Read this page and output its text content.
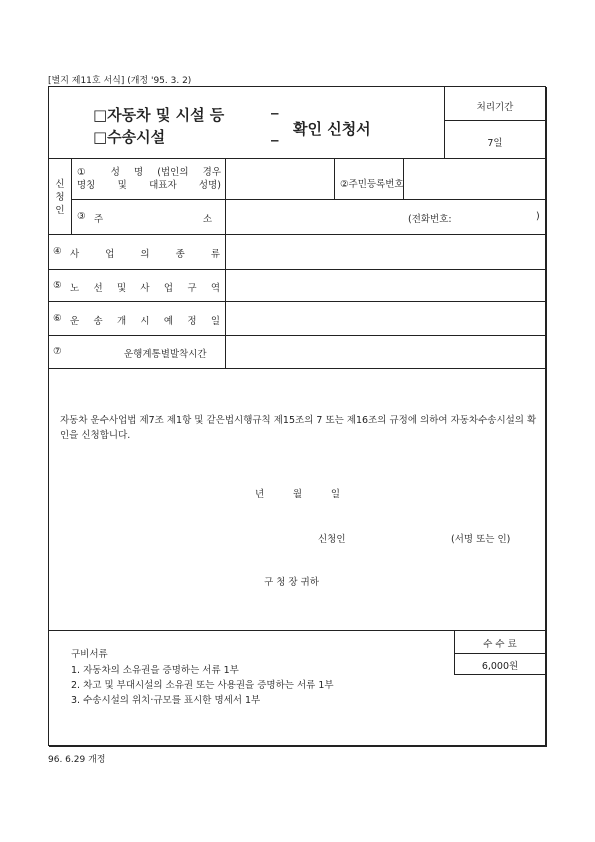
[별지 제11호 서식] (개정 '95. 3. 2)
□자동차 및 시설 등
□수송시설
_
_ 확인 신청서
처리기간
7일
신
청
인
① 성 명 (법인의 경우
명칭 및 대표자 성명)	②주민등록번호
③ 주	소	(전화번호:	)
④ 사	업	의	종	류
⑤ 노 선 및 사 업 구 역
⑥ 운 송 개 시 예 정 일
⑦	운행계통별발착시간
자동차 운수사업법 제7조 제1항 및 같은법시행규칙 제15조의 7 또는 제16조의 규정에 의하여 자동차수송시설의 확인을 신청합니다.
년	월	일
신청인	(서명 또는 인)
구 청 장 귀하
구비서류
1. 자동차의 소유권을 증명하는 서류 1부
2. 차고 및 부대시설의 소유권 또는 사용권을 증명하는 서류 1부
3. 수송시설의 위치·규모를 표시한 명세서 1부
수 수 료
6,000원
96. 6.29 개정
